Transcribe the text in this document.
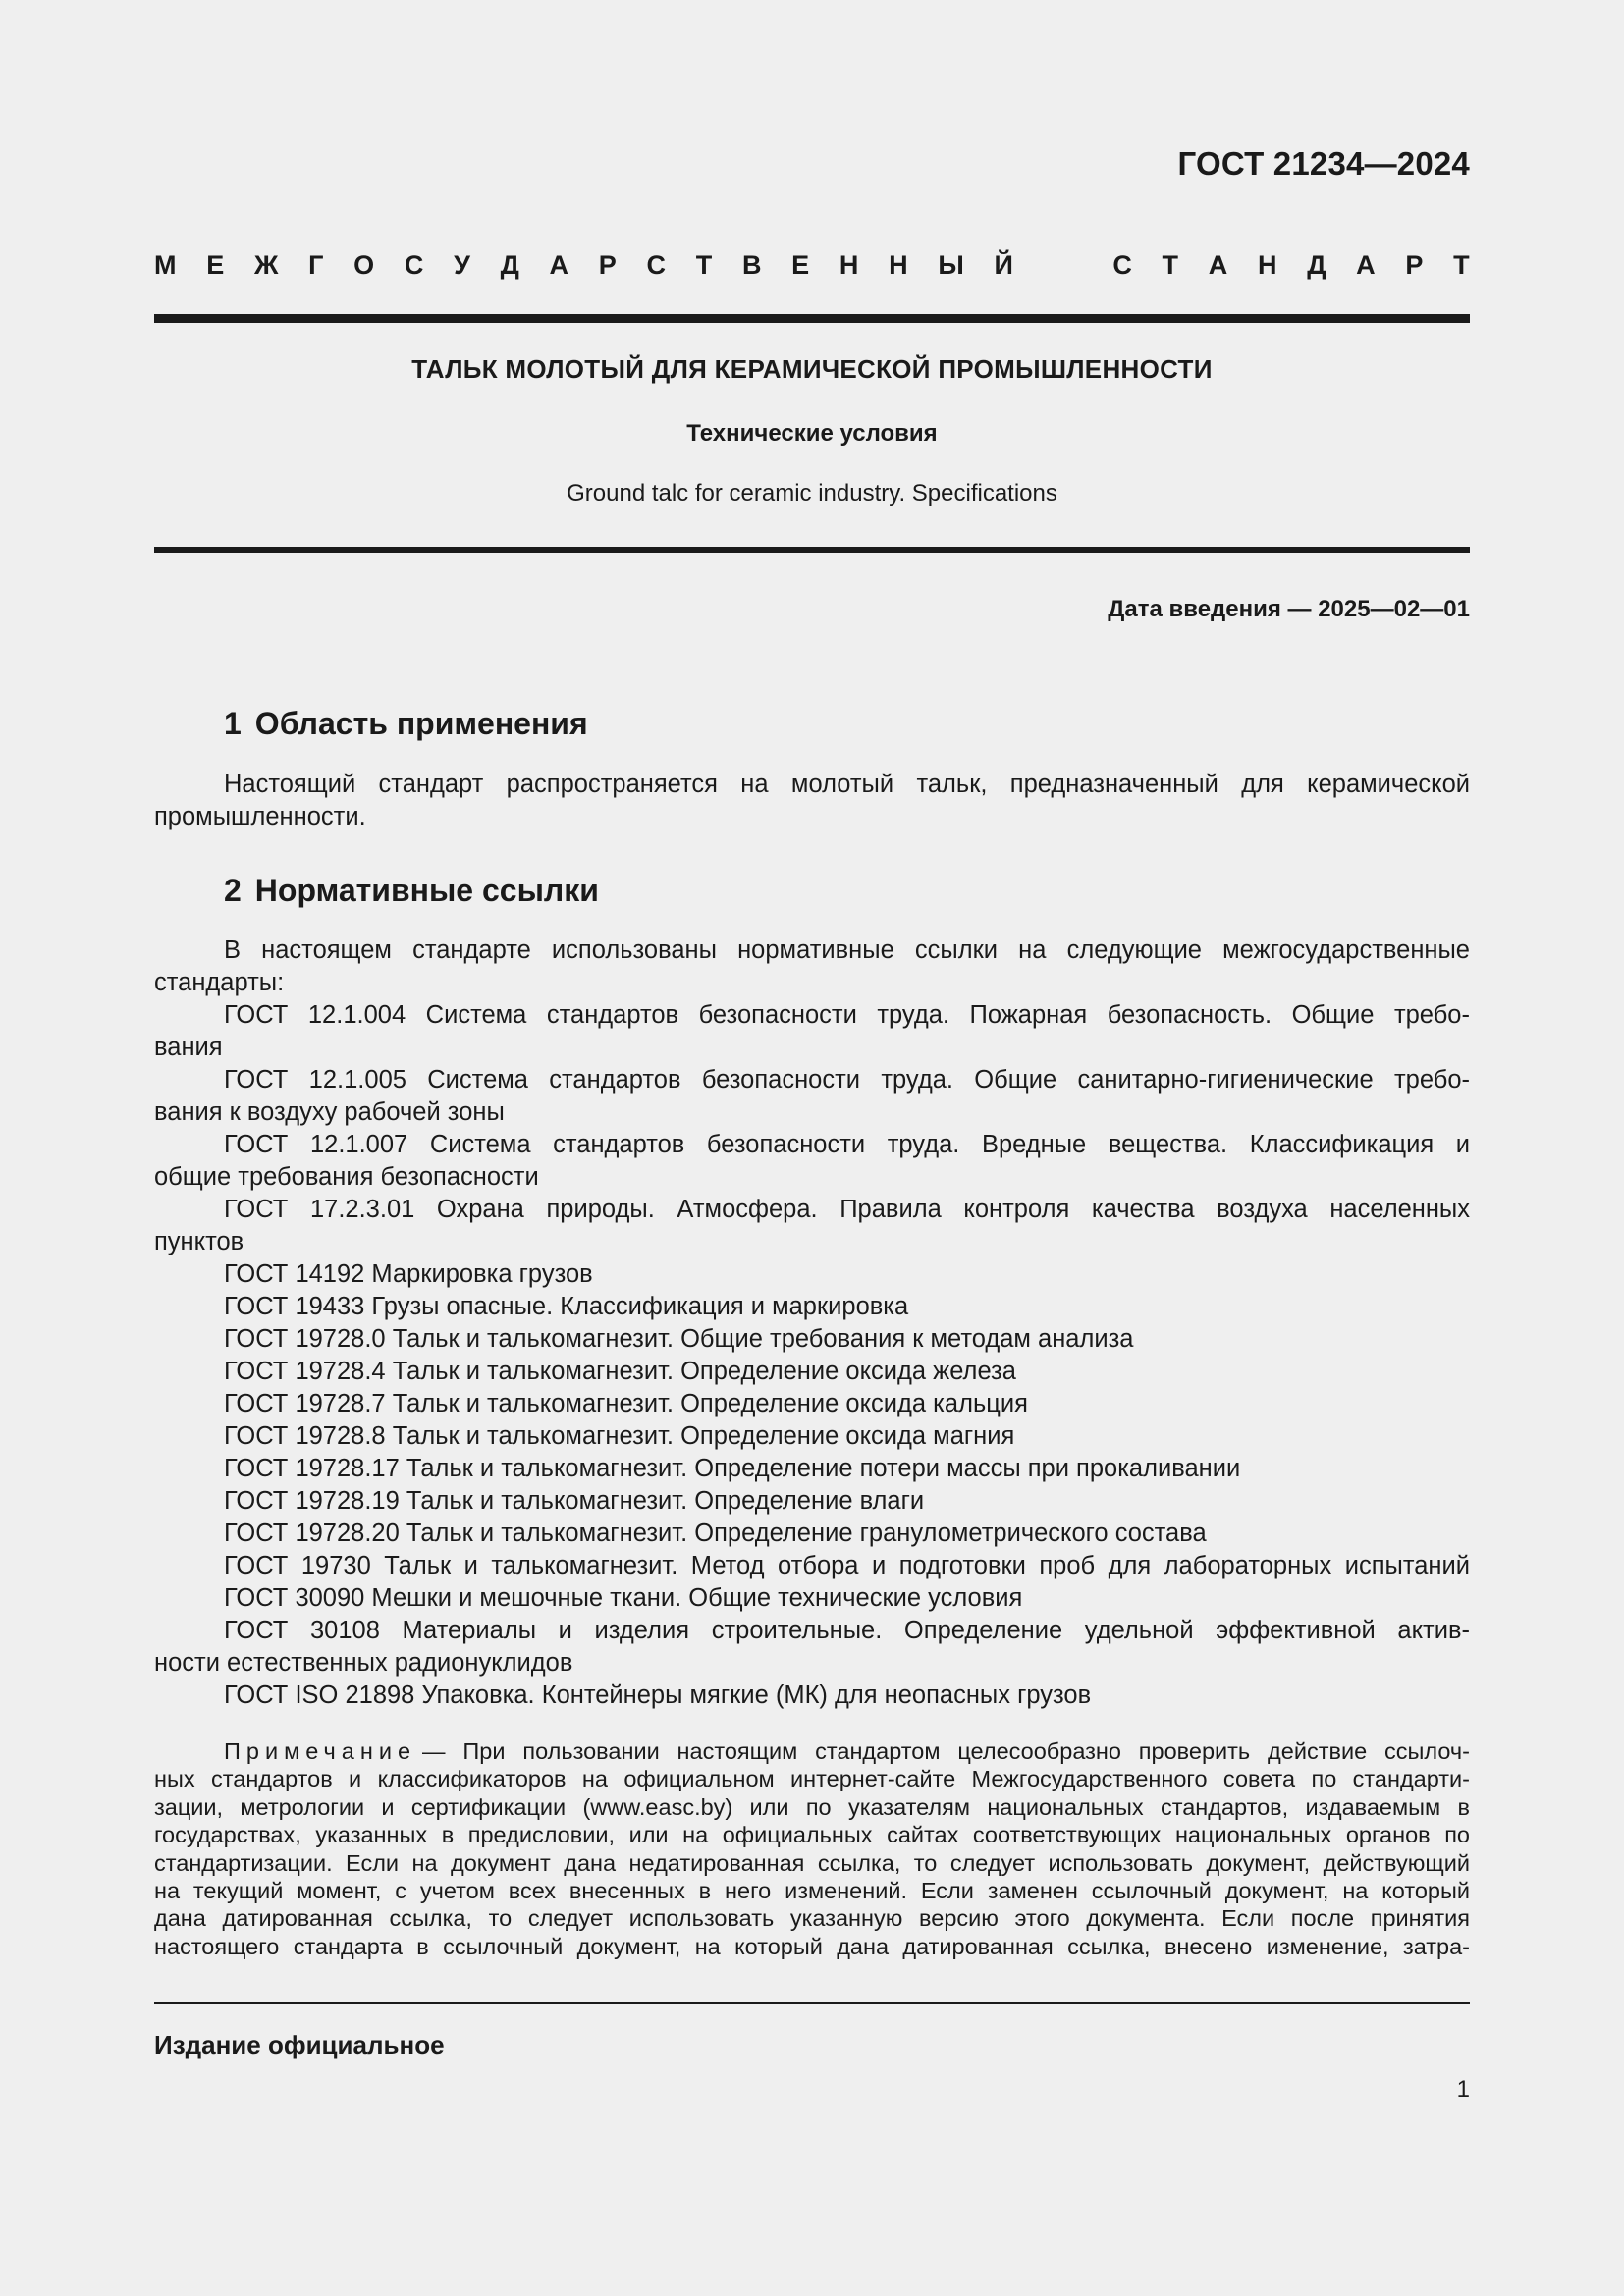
ГОСТ 21234—2024
М Е Ж Г О С У Д А Р С Т В Е Н Н Ы Й	С Т А Н Д А Р Т
ТАЛЬК МОЛОТЫЙ ДЛЯ КЕРАМИЧЕСКОЙ ПРОМЫШЛЕННОСТИ
Технические условия
Ground talc for ceramic industry. Specifications
Дата введения — 2025—02—01
1 Область применения
Настоящий стандарт распространяется на молотый тальк, предназначенный для керамической
промышленности.
2 Нормативные ссылки
В настоящем стандарте использованы нормативные ссылки на следующие межгосударственные
стандарты:
ГОСТ 12.1.004 Система стандартов безопасности труда. Пожарная безопасность. Общие требо-
вания
ГОСТ 12.1.005 Система стандартов безопасности труда. Общие санитарно-гигиенические требо-
вания к воздуху рабочей зоны
ГОСТ 12.1.007 Система стандартов безопасности труда. Вредные вещества. Классификация и
общие требования безопасности
ГОСТ 17.2.3.01 Охрана природы. Атмосфера. Правила контроля качества воздуха населенных
пунктов
ГОСТ 14192 Маркировка грузов
ГОСТ 19433 Грузы опасные. Классификация и маркировка
ГОСТ 19728.0 Тальк и талькомагнезит. Общие требования к методам анализа
ГОСТ 19728.4 Тальк и талькомагнезит. Определение оксида железа
ГОСТ 19728.7 Тальк и талькомагнезит. Определение оксида кальция
ГОСТ 19728.8 Тальк и талькомагнезит. Определение оксида магния
ГОСТ 19728.17 Тальк и талькомагнезит. Определение потери массы при прокаливании
ГОСТ 19728.19 Тальк и талькомагнезит. Определение влаги
ГОСТ 19728.20 Тальк и талькомагнезит. Определение гранулометрического состава
ГОСТ 19730 Тальк и талькомагнезит. Метод отбора и подготовки проб для лабораторных испытаний
ГОСТ 30090 Мешки и мешочные ткани. Общие технические условия
ГОСТ 30108 Материалы и изделия строительные. Определение удельной эффективной актив-
ности естественных радионуклидов
ГОСТ ISO 21898 Упаковка. Контейнеры мягкие (МК) для неопасных грузов
Примечание — При пользовании настоящим стандартом целесообразно проверить действие ссылоч-
ных стандартов и классификаторов на официальном интернет-сайте Межгосударственного совета по стандарти-
зации, метрологии и сертификации (www.easc.by) или по указателям национальных стандартов, издаваемым в
государствах, указанных в предисловии, или на официальных сайтах соответствующих национальных органов по
стандартизации. Если на документ дана недатированная ссылка, то следует использовать документ, действующий
на текущий момент, с учетом всех внесенных в него изменений. Если заменен ссылочный документ, на который
дана датированная ссылка, то следует использовать указанную версию этого документа. Если после принятия
настоящего стандарта в ссылочный документ, на который дана датированная ссылка, внесено изменение, затра-
Издание официальное
1
